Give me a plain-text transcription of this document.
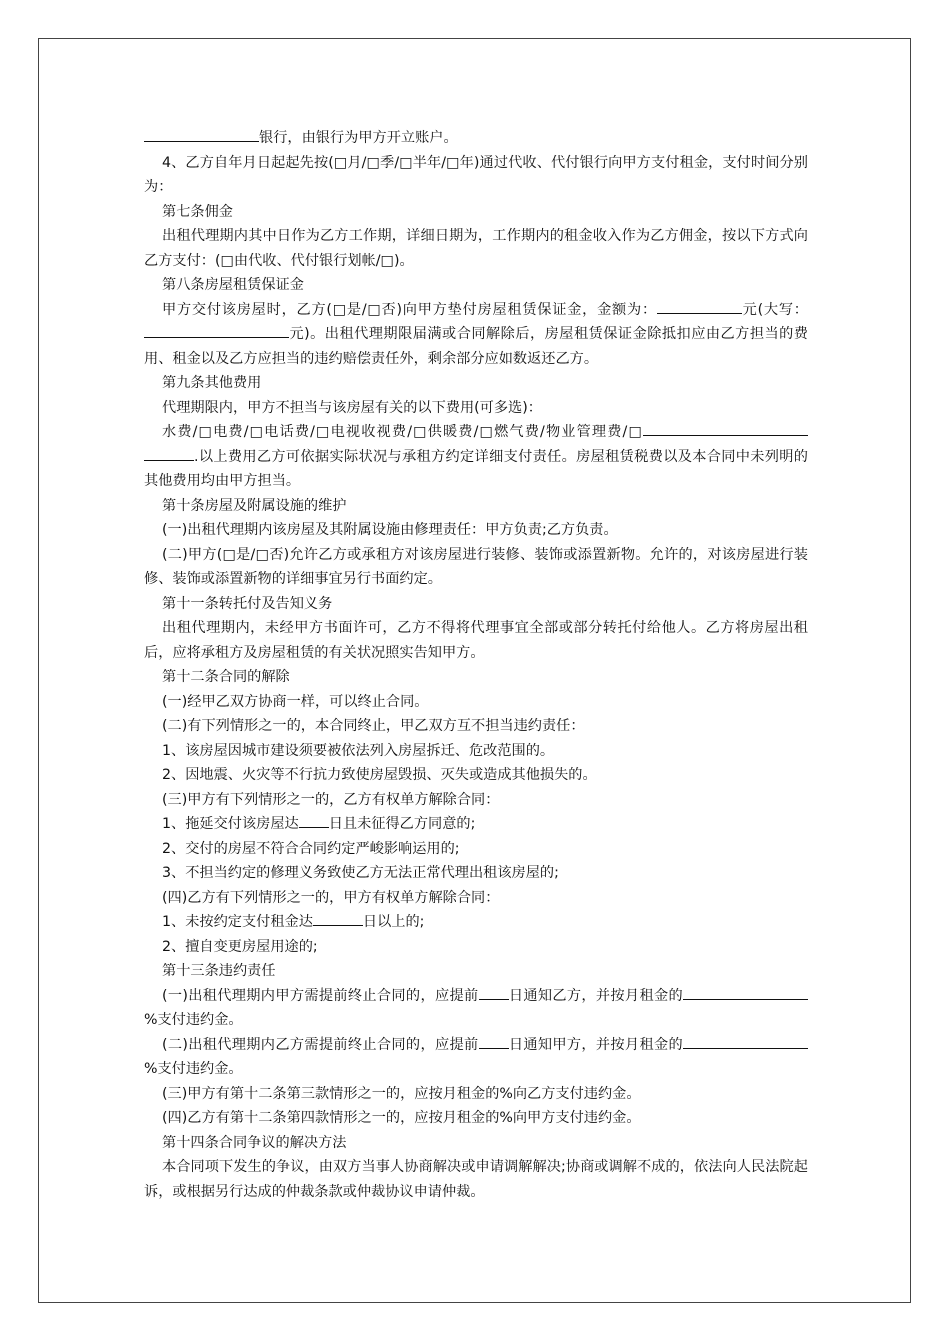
银行，由银行为甲方开立账户。

4、乙方自年月日起起先按(□月/□季/□半年/□年)通过代收、代付银行向甲方支付租金，支付时间分别为：

第七条佣金

出租代理期内其中日作为乙方工作期，详细日期为，工作期内的租金收入作为乙方佣金，按以下方式向乙方支付：(□由代收、代付银行划帐/□)。

第八条房屋租赁保证金

甲方交付该房屋时，乙方(□是/□否)向甲方垫付房屋租赁保证金，金额为：	元(大写：元)。出租代理期限届满或合同解除后，房屋租赁保证金除抵扣应由乙方担当的费用、租金以及乙方应担当的违约赔偿责任外，剩余部分应如数返还乙方。

第九条其他费用

代理期限内，甲方不担当与该房屋有关的以下费用(可多选)：

水费/□电费/□电话费/□电视收视费/□供暖费/□燃气费/物业管理费/□.以上费用乙方可依据实际状况与承租方约定详细支付责任。房屋租赁税费以及本合同中未列明的其他费用均由甲方担当。

第十条房屋及附属设施的维护

(一)出租代理期内该房屋及其附属设施由修理责任：甲方负责;乙方负责。

(二)甲方(□是/□否)允许乙方或承租方对该房屋进行装修、装饰或添置新物。允许的，对该房屋进行装修、装饰或添置新物的详细事宜另行书面约定。

第十一条转托付及告知义务

出租代理期内，未经甲方书面许可，乙方不得将代理事宜全部或部分转托付给他人。乙方将房屋出租后，应将承租方及房屋租赁的有关状况照实告知甲方。

第十二条合同的解除

(一)经甲乙双方协商一样，可以终止合同。

(二)有下列情形之一的，本合同终止，甲乙双方互不担当违约责任：

1、该房屋因城市建设须要被依法列入房屋拆迁、危改范围的。

2、因地震、火灾等不行抗力致使房屋毁损、灭失或造成其他损失的。

(三)甲方有下列情形之一的，乙方有权单方解除合同：

1、拖延交付该房屋达 日且未征得乙方同意的;

2、交付的房屋不符合合同约定严峻影响运用的;

3、不担当约定的修理义务致使乙方无法正常代理出租该房屋的;

(四)乙方有下列情形之一的，甲方有权单方解除合同：

1、未按约定支付租金达	日以上的;

2、擅自变更房屋用途的;

第十三条违约责任

(一)出租代理期内甲方需提前终止合同的，应提前 日通知乙方，并按月租金的%支付违约金。

(二)出租代理期内乙方需提前终止合同的，应提前 日通知甲方，并按月租金的%支付违约金。

(三)甲方有第十二条第三款情形之一的，应按月租金的%向乙方支付违约金。

(四)乙方有第十二条第四款情形之一的，应按月租金的%向甲方支付违约金。

第十四条合同争议的解决方法

本合同项下发生的争议，由双方当事人协商解决或申请调解解决;协商或调解不成的，依法向人民法院起诉，或根据另行达成的仲裁条款或仲裁协议申请仲裁。
